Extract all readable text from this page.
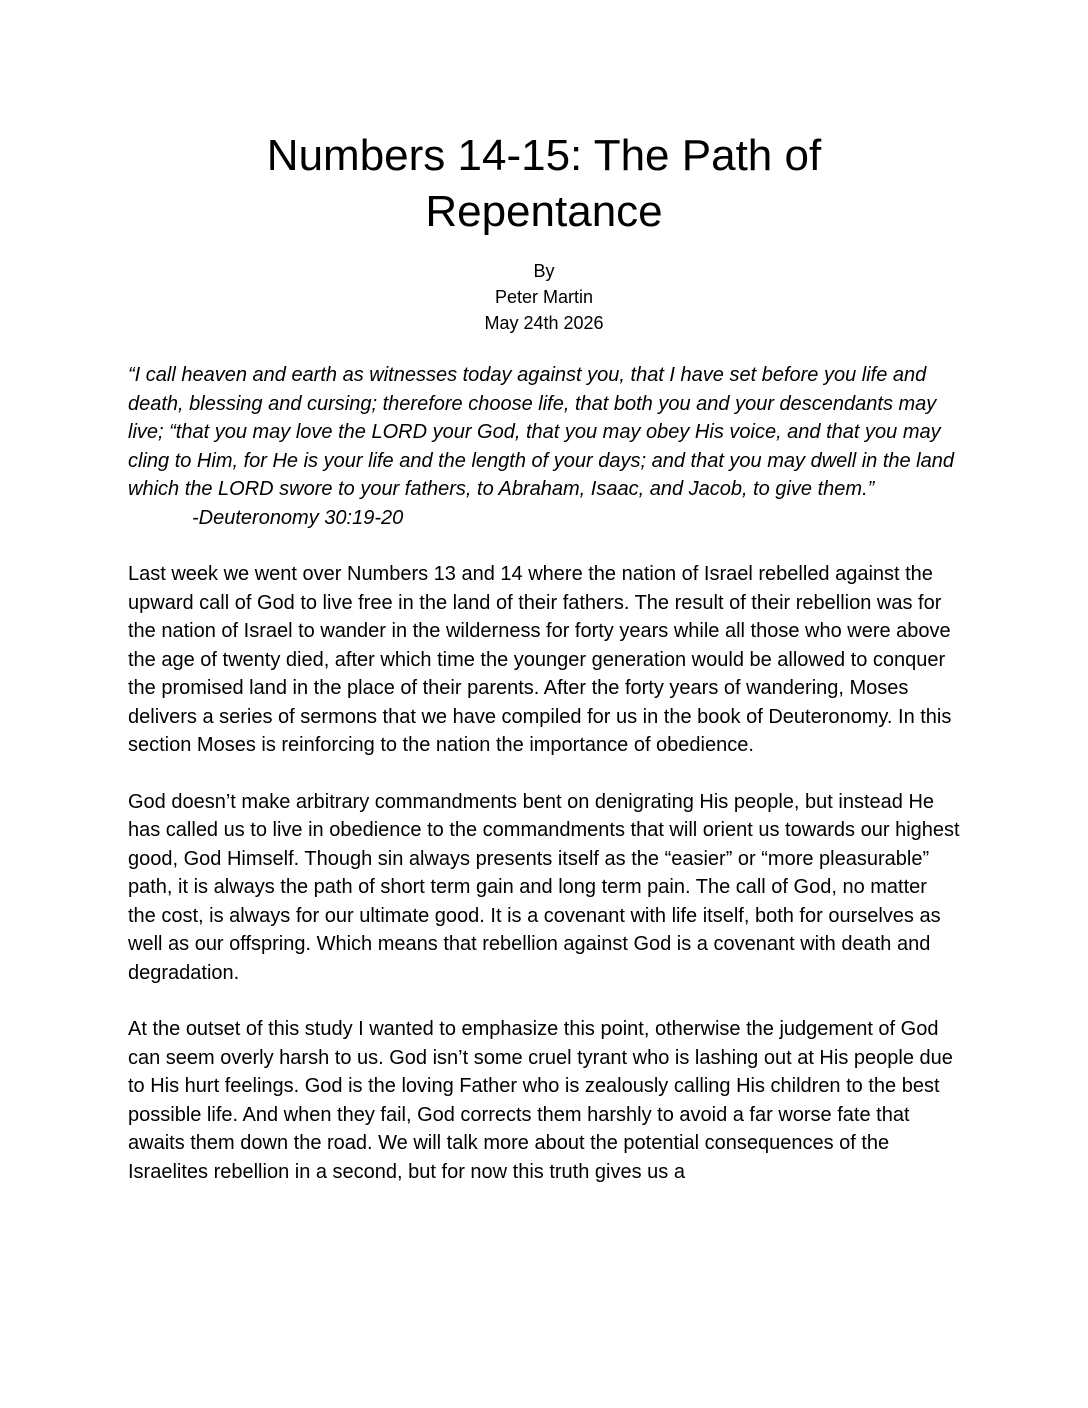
Numbers 14-15: The Path of Repentance
By
Peter Martin
May 24th 2026

“I call heaven and earth as witnesses today against you, that I have set before you life and death, blessing and cursing; therefore choose life, that both you and your descendants may live; “that you may love the LORD your God, that you may obey His voice, and that you may cling to Him, for He is your life and the length of your days; and that you may dwell in the land which the LORD swore to your fathers, to Abraham, Isaac, and Jacob, to give them.”

-Deuteronomy 30:19-20

Last week we went over Numbers 13 and 14 where the nation of Israel rebelled against the upward call of God to live free in the land of their fathers. The result of their rebellion was for the nation of Israel to wander in the wilderness for forty years while all those who were above the age of twenty died, after which time the younger generation would be allowed to conquer the promised land in the place of their parents. After the forty years of wandering, Moses delivers a series of sermons that we have compiled for us in the book of Deuteronomy. In this section Moses is reinforcing to the nation the importance of obedience.

God doesn’t make arbitrary commandments bent on denigrating His people, but instead He has called us to live in obedience to the commandments that will orient us towards our highest good, God Himself. Though sin always presents itself as the “easier” or “more pleasurable” path, it is always the path of short term gain and long term pain. The call of God, no matter the cost, is always for our ultimate good. It is a covenant with life itself, both for ourselves as well as our offspring. Which means that rebellion against God is a covenant with death and degradation.

At the outset of this study I wanted to emphasize this point, otherwise the judgement of God can seem overly harsh to us. God isn’t some cruel tyrant who is lashing out at His people due to His hurt feelings. God is the loving Father who is zealously calling His children to the best possible life. And when they fail, God corrects them harshly to avoid a far worse fate that awaits them down the road. We will talk more about the potential consequences of the Israelites rebellion in a second, but for now this truth gives us a
